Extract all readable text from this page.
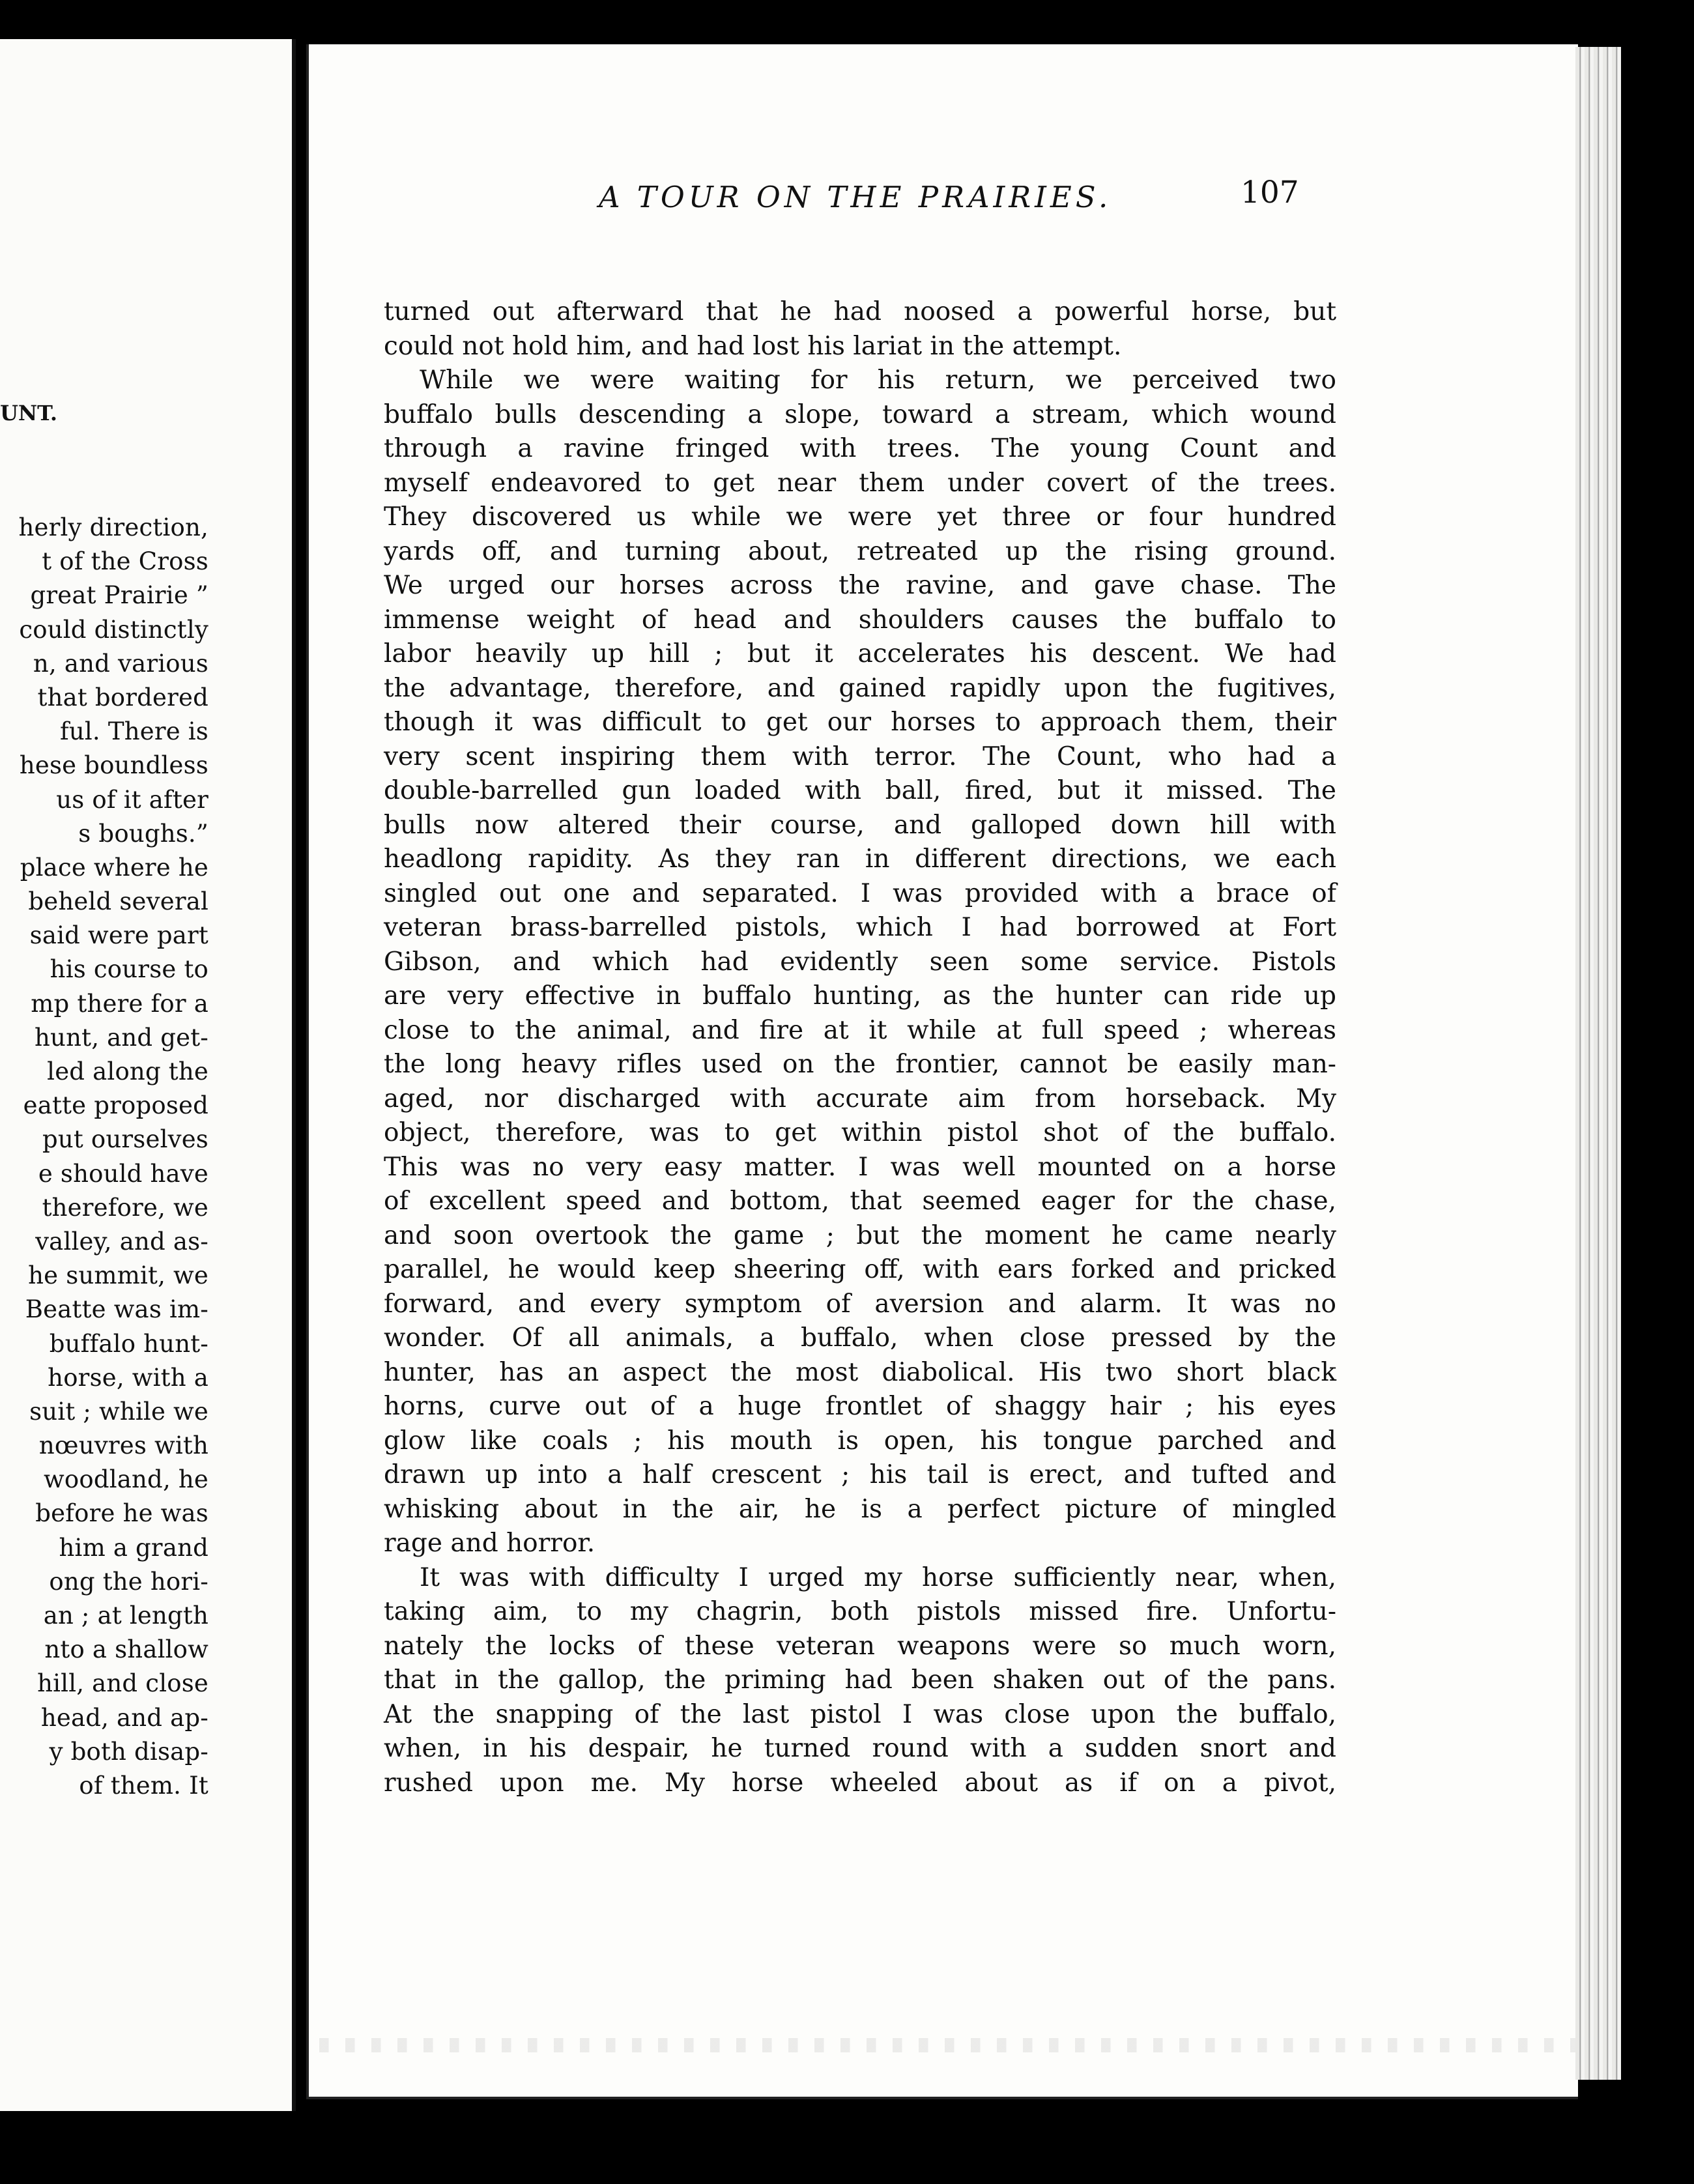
UNT.
herly direction,
t of the Cross
great Prairie ”
could distinctly
n, and various
that bordered
ful. There is
hese boundless
us of it after
s boughs.”
place where he
beheld several
said were part
his course to
mp there for a
hunt, and get-
led along the
eatte proposed
put ourselves
e should have
therefore, we
valley, and as-
he summit, we
Beatte was im-
buffalo hunt-
horse, with a
suit ; while we
nœuvres with
woodland, he
before he was
him a grand
ong the hori-
an ; at length
nto a shallow
hill, and close
head, and ap-
y both disap-
of them. It
A TOUR ON THE PRAIRIES.	107
turned out afterward that he had noosed a powerful horse, but
could not hold him, and had lost his lariat in the attempt.
While we were waiting for his return, we perceived two
buffalo bulls descending a slope, toward a stream, which wound
through a ravine fringed with trees. The young Count and
myself endeavored to get near them under covert of the trees.
They discovered us while we were yet three or four hundred
yards off, and turning about, retreated up the rising ground.
We urged our horses across the ravine, and gave chase. The
immense weight of head and shoulders causes the buffalo to
labor heavily up hill ; but it accelerates his descent. We had
the advantage, therefore, and gained rapidly upon the fugitives,
though it was difficult to get our horses to approach them, their
very scent inspiring them with terror. The Count, who had a
double-barrelled gun loaded with ball, fired, but it missed. The
bulls now altered their course, and galloped down hill with
headlong rapidity. As they ran in different directions, we each
singled out one and separated. I was provided with a brace of
veteran brass-barrelled pistols, which I had borrowed at Fort
Gibson, and which had evidently seen some service. Pistols
are very effective in buffalo hunting, as the hunter can ride up
close to the animal, and fire at it while at full speed ; whereas
the long heavy rifles used on the frontier, cannot be easily man-
aged, nor discharged with accurate aim from horseback. My
object, therefore, was to get within pistol shot of the buffalo.
This was no very easy matter. I was well mounted on a horse
of excellent speed and bottom, that seemed eager for the chase,
and soon overtook the game ; but the moment he came nearly
parallel, he would keep sheering off, with ears forked and pricked
forward, and every symptom of aversion and alarm. It was no
wonder. Of all animals, a buffalo, when close pressed by the
hunter, has an aspect the most diabolical. His two short black
horns, curve out of a huge frontlet of shaggy hair ; his eyes
glow like coals ; his mouth is open, his tongue parched and
drawn up into a half crescent ; his tail is erect, and tufted and
whisking about in the air, he is a perfect picture of mingled
rage and horror.
It was with difficulty I urged my horse sufficiently near, when,
taking aim, to my chagrin, both pistols missed fire. Unfortu-
nately the locks of these veteran weapons were so much worn,
that in the gallop, the priming had been shaken out of the pans.
At the snapping of the last pistol I was close upon the buffalo,
when, in his despair, he turned round with a sudden snort and
rushed upon me. My horse wheeled about as if on a pivot,
